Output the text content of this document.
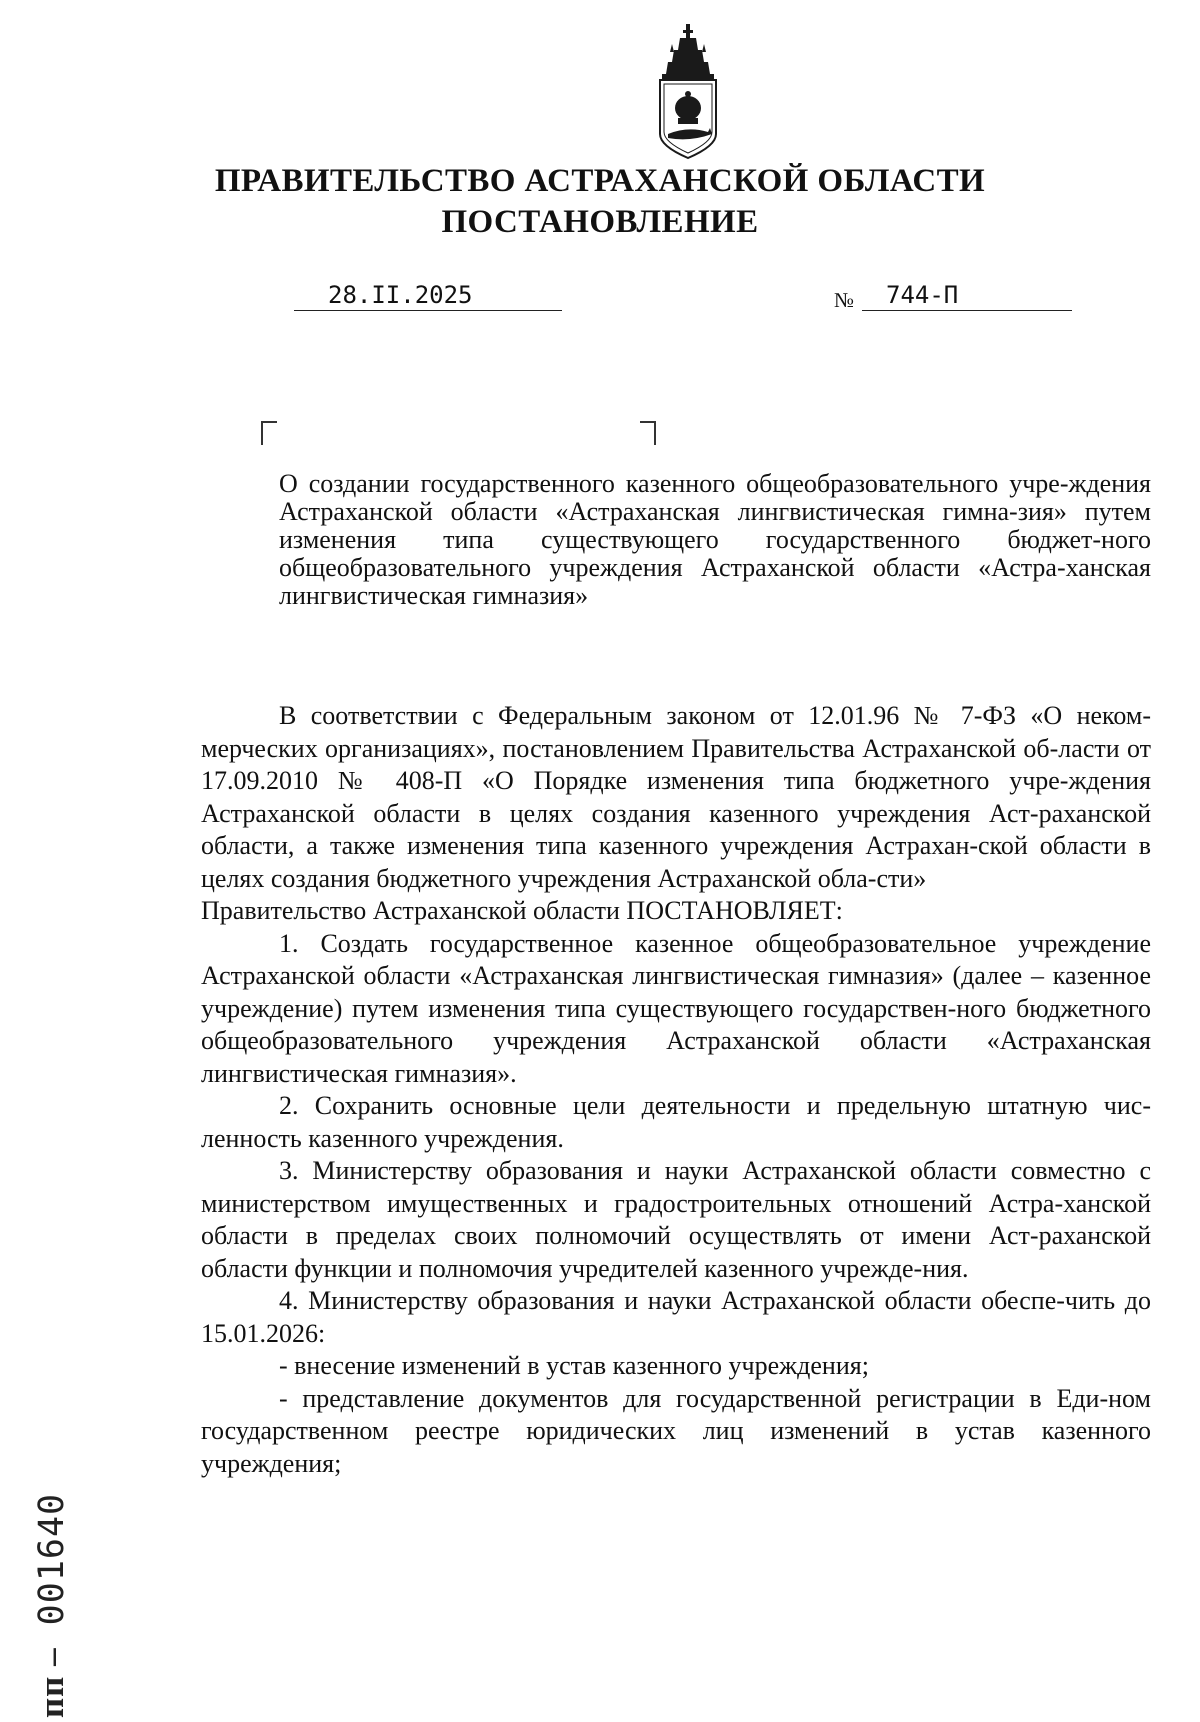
ПРАВИТЕЛЬСТВО АСТРАХАНСКОЙ ОБЛАСТИ
ПОСТАНОВЛЕНИЕ
28.II.2025	№	744-П

О создании государственного казенного общеобразовательного учре-ждения Астраханской области «Астраханская лингвистическая гимна-зия» путем изменения типа существующего государственного бюджет-ного общеобразовательного учреждения Астраханской области «Астра-ханская лингвистическая гимназия»

В соответствии с Федеральным законом от 12.01.96 № 7-ФЗ «О неком-мерческих организациях», постановлением Правительства Астраханской об-ласти от 17.09.2010 № 408-П «О Порядке изменения типа бюджетного учре-ждения Астраханской области в целях создания казенного учреждения Аст-раханской области, а также изменения типа казенного учреждения Астрахан-ской области в целях создания бюджетного учреждения Астраханской обла-сти»

Правительство Астраханской области ПОСТАНОВЛЯЕТ:

1. Создать государственное казенное общеобразовательное учреждение Астраханской области «Астраханская лингвистическая гимназия» (далее – казенное учреждение) путем изменения типа существующего государствен-ного бюджетного общеобразовательного учреждения Астраханской области «Астраханская лингвистическая гимназия».

2. Сохранить основные цели деятельности и предельную штатную чис-ленность казенного учреждения.

3. Министерству образования и науки Астраханской области совместно с министерством имущественных и градостроительных отношений Астра-ханской области в пределах своих полномочий осуществлять от имени Аст-раханской области функции и полномочия учредителей казенного учрежде-ния.

4. Министерству образования и науки Астраханской области обеспе-чить до 15.01.2026:

- внесение изменений в устав казенного учреждения;

- представление документов для государственной регистрации в Еди-ном государственном реестре юридических лиц изменений в устав казенного учреждения;

пп – 001640
